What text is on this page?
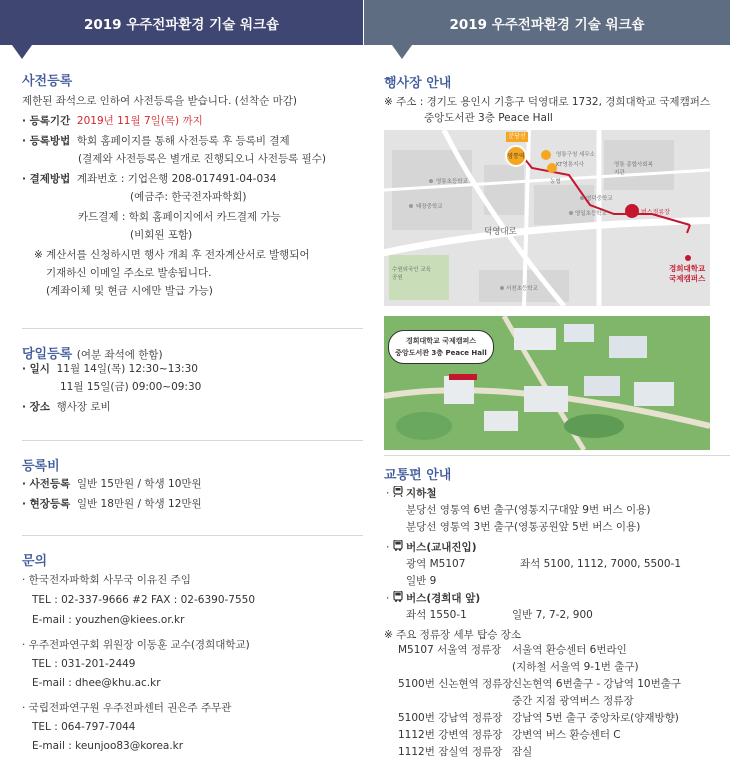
2019 우주전파환경 기술 워크숍
사전등록
제한된 좌석으로 인하여 사전등록을 받습니다. (선착순 마감)
· 등록기간 2019년 11월 7일(목) 까지
· 등록방법 학회 홈페이지를 통해 사전등록 후 등록비 결제
(결제와 사전등록은 별개로 진행되오니 사전등록 필수)
· 결제방법 계좌번호 : 기업은행 208-017491-04-034
(예금주: 한국전자파학회)
카드결제 : 학회 홈페이지에서 카드결제 가능
(비회원 포함)
※ 계산서를 신청하시면 행사 개최 후 전자계산서로 발행되어
기재하신 이메일 주소로 발송됩니다.
(계좌이체 및 현금 시에만 발급 가능)
당일등록 (여분 좌석에 한함)
· 일시 11월 14일(목) 12:30~13:30
11월 15일(금) 09:00~09:30
· 장소 행사장 로비
등록비
· 사전등록 일반 15만원 / 학생 10만원
· 현장등록 일반 18만원 / 학생 12만원
문의
· 한국전자파학회 사무국 이유진 주임
TEL : 02-337-9666 #2 FAX : 02-6390-7550
E-mail : youzhen@kiees.or.kr
· 우주전파연구회 위원장 이동훈 교수(경희대학교)
TEL : 031-201-2449
E-mail : dhee@khu.ac.kr
· 국립전파연구원 우주전파센터 권은주 주무관
TEL : 064-797-7044
E-mail : keunjoo83@korea.kr
2019 우주전파환경 기술 워크숍
행사장 안내
※ 주소 : 경기도 용인시 기흥구 덕영대로 1732, 경희대학교 국제캠퍼스
중앙도서관 3층 Peace Hall
분당선
영통역
덕영대로
버스정류장
경희대학교
국제캠퍼스
영통초등학교
태장중학교
영통구청 세무소
KT영통지사
농협
영통 종합사회복지관
영덕중학교
영일초등학교
수원외국인 교육공원
서천초등학교
경희대학교 국제캠퍼스
중앙도서관 3층 Peace Hall
교통편 안내
· 지하철
분당선 영통역 6번 출구(영통지구대앞 9번 버스 이용)
분당선 영통역 3번 출구(영통공원앞 5번 버스 이용)
· 버스(교내진입)
광역 M5107	좌석 5100, 1112, 7000, 5500-1
일반 9
· 버스(경희대 앞)
좌석 1550-1	일반 7, 7-2, 900
※ 주요 정류장 세부 탑승 장소
M5107 서울역 정류장 서울역 환승센터 6번라인
(지하철 서울역 9-1번 출구)
5100번 신논현역 정류장 신논현역 6번출구 - 강남역 10번출구
중간 지점 광역버스 정류장
5100번 강남역 정류장 강남역 5번 출구 중앙차로(양재방향)
1112번 강변역 정류장 강변역 버스 환승센터 C
1112번 잠실역 정류장 잠실
